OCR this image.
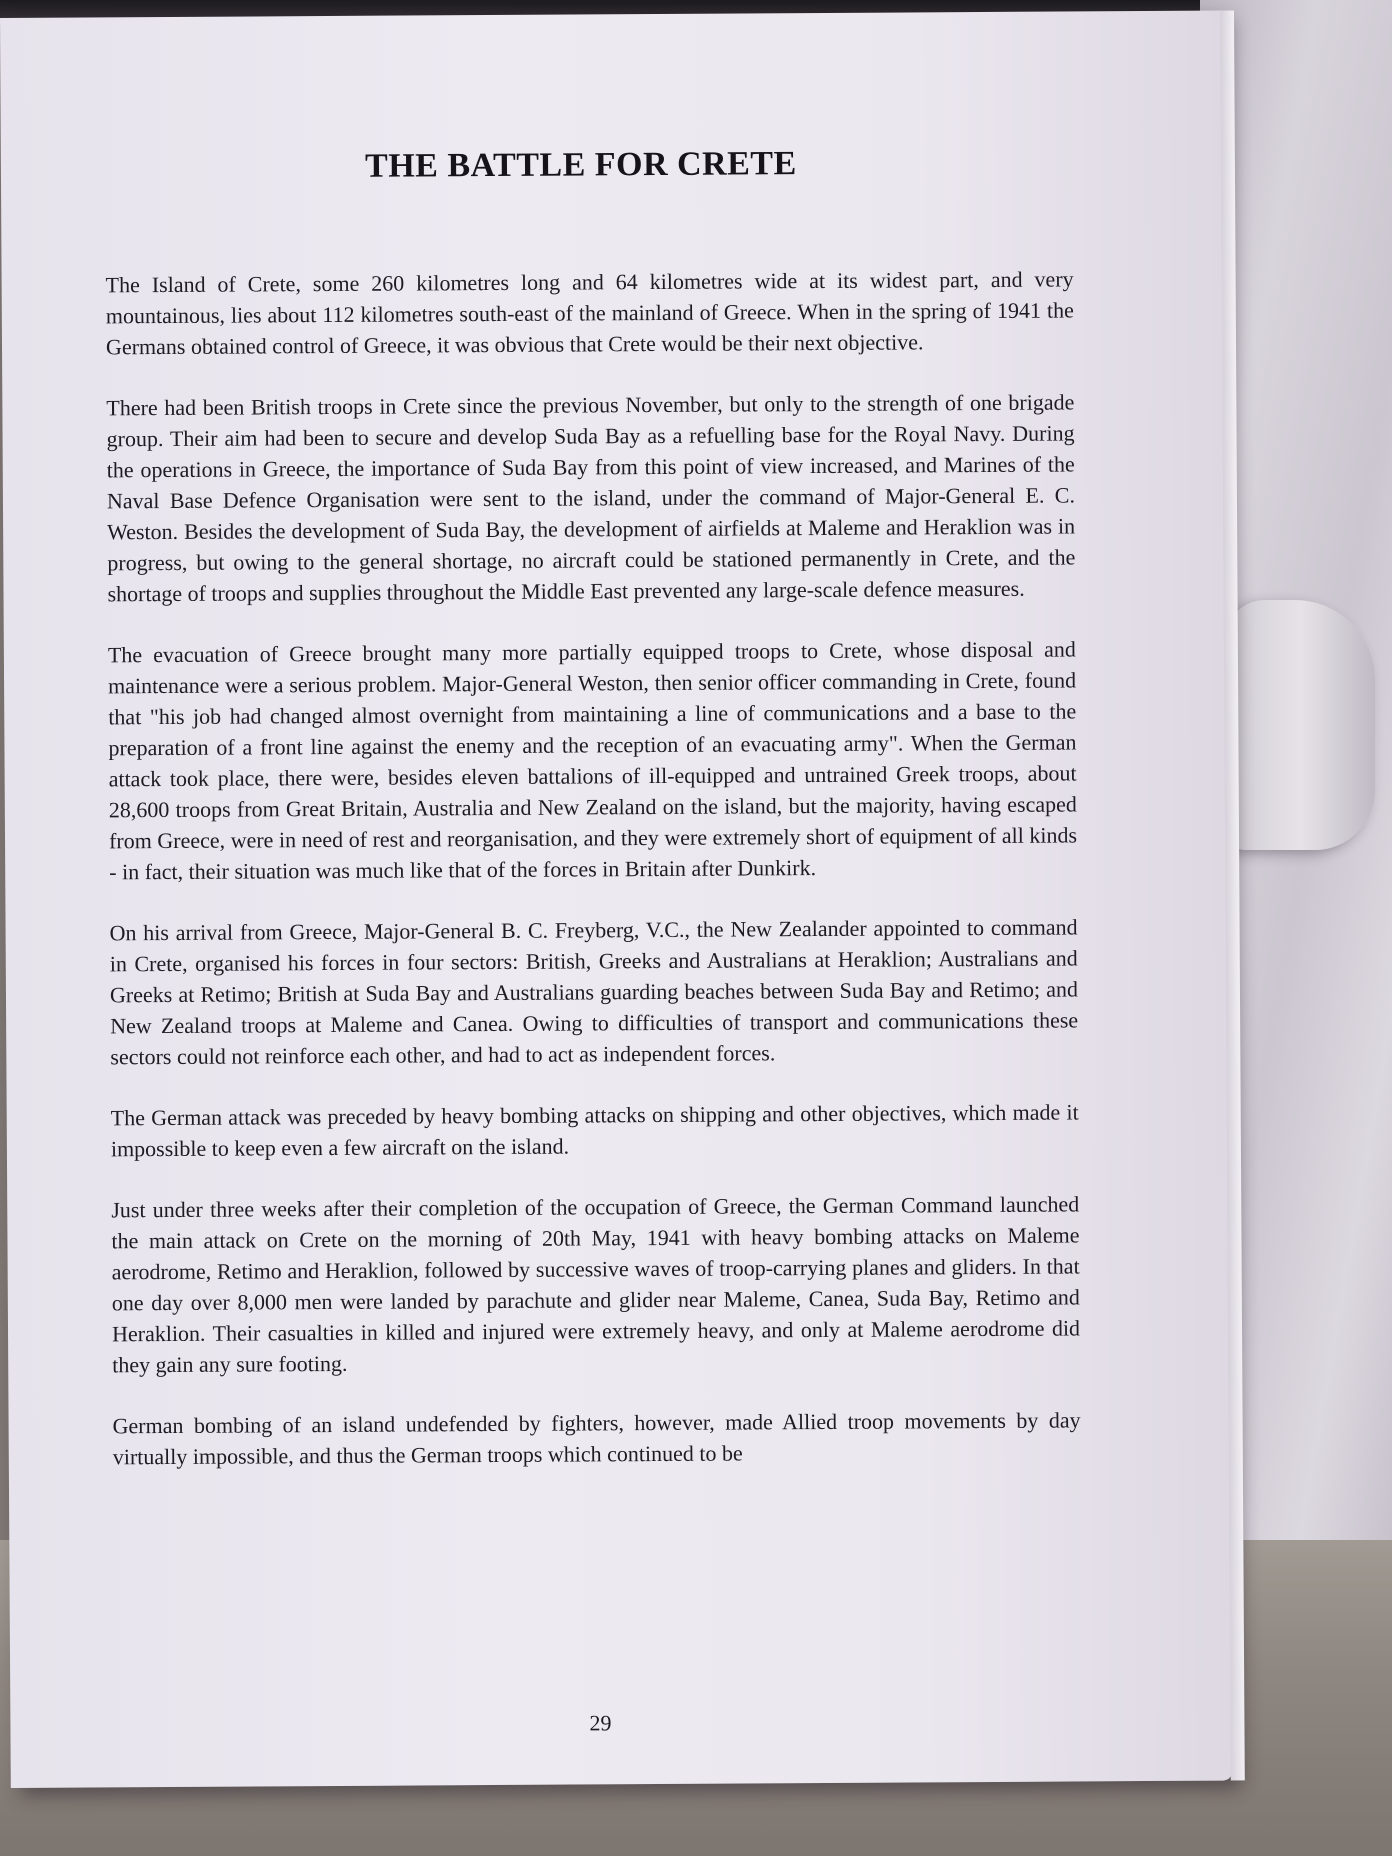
THE BATTLE FOR CRETE

The Island of Crete, some 260 kilometres long and 64 kilometres wide at its widest part, and very mountainous, lies about 112 kilometres south-east of the mainland of Greece. When in the spring of 1941 the Germans obtained control of Greece, it was obvious that Crete would be their next objective.

There had been British troops in Crete since the previous November, but only to the strength of one brigade group. Their aim had been to secure and develop Suda Bay as a refuelling base for the Royal Navy. During the operations in Greece, the importance of Suda Bay from this point of view increased, and Marines of the Naval Base Defence Organisation were sent to the island, under the command of Major-General E. C. Weston. Besides the development of Suda Bay, the development of airfields at Maleme and Heraklion was in progress, but owing to the general shortage, no aircraft could be stationed permanently in Crete, and the shortage of troops and supplies throughout the Middle East prevented any large-scale defence measures.

The evacuation of Greece brought many more partially equipped troops to Crete, whose disposal and maintenance were a serious problem. Major-General Weston, then senior officer commanding in Crete, found that "his job had changed almost overnight from maintaining a line of communications and a base to the preparation of a front line against the enemy and the reception of an evacuating army". When the German attack took place, there were, besides eleven battalions of ill-equipped and untrained Greek troops, about 28,600 troops from Great Britain, Australia and New Zealand on the island, but the majority, having escaped from Greece, were in need of rest and reorganisation, and they were extremely short of equipment of all kinds - in fact, their situation was much like that of the forces in Britain after Dunkirk.

On his arrival from Greece, Major-General B. C. Freyberg, V.C., the New Zealander appointed to command in Crete, organised his forces in four sectors: British, Greeks and Australians at Heraklion; Australians and Greeks at Retimo; British at Suda Bay and Australians guarding beaches between Suda Bay and Retimo; and New Zealand troops at Maleme and Canea. Owing to difficulties of transport and communications these sectors could not reinforce each other, and had to act as independent forces.

The German attack was preceded by heavy bombing attacks on shipping and other objectives, which made it impossible to keep even a few aircraft on the island.

Just under three weeks after their completion of the occupation of Greece, the German Command launched the main attack on Crete on the morning of 20th May, 1941 with heavy bombing attacks on Maleme aerodrome, Retimo and Heraklion, followed by successive waves of troop-carrying planes and gliders. In that one day over 8,000 men were landed by parachute and glider near Maleme, Canea, Suda Bay, Retimo and Heraklion. Their casualties in killed and injured were extremely heavy, and only at Maleme aerodrome did they gain any sure footing.

German bombing of an island undefended by fighters, however, made Allied troop movements by day virtually impossible, and thus the German troops which continued to be

29
